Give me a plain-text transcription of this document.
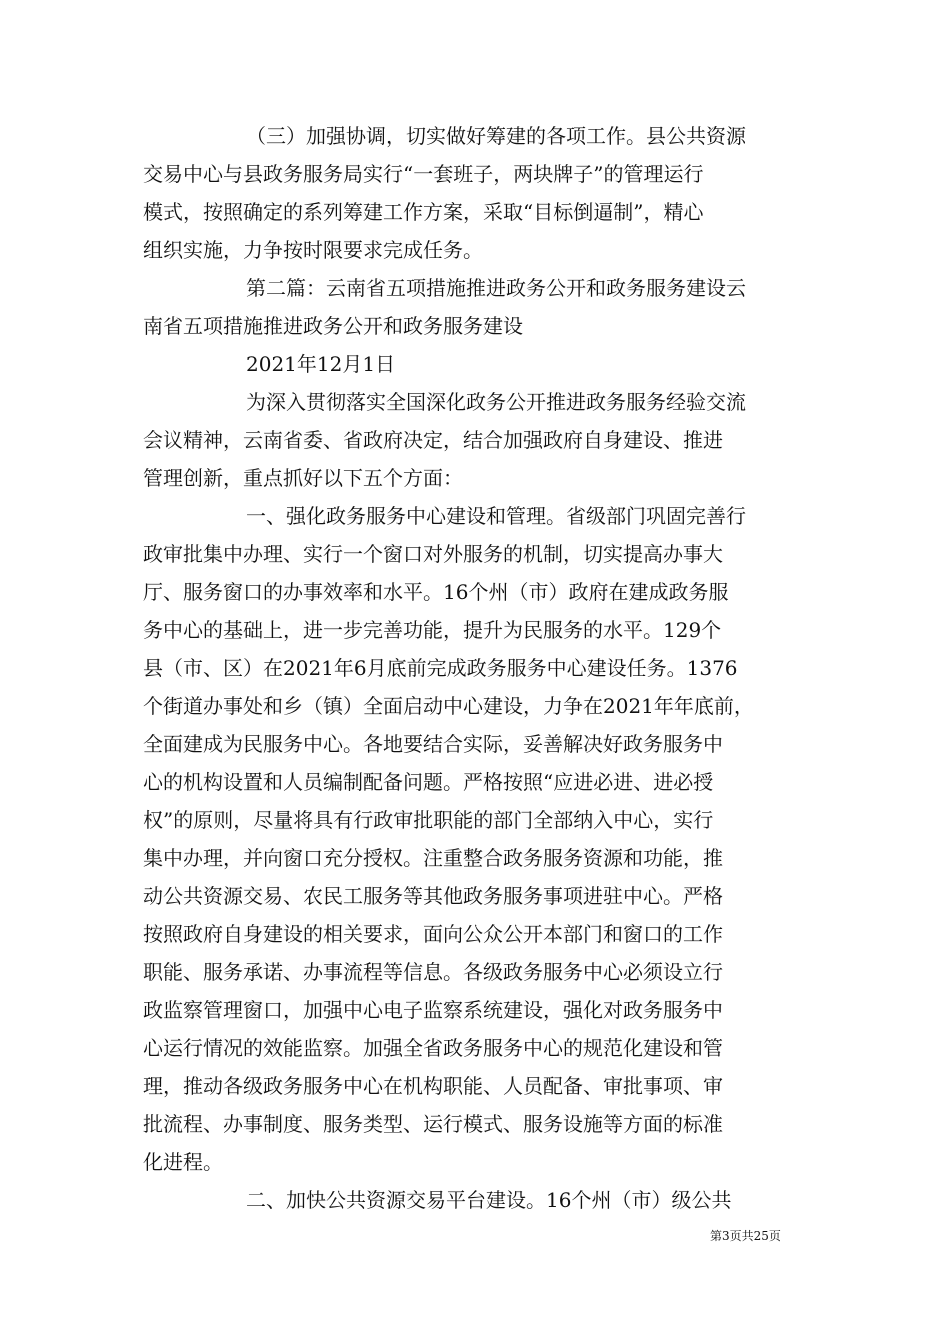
（三）加强协调，切实做好筹建的各项工作。县公共资源
交易中心与县政务服务局实行“一套班子，两块牌子”的管理运行
模式，按照确定的系列筹建工作方案，采取“目标倒逼制”，精心
组织实施，力争按时限要求完成任务。
第二篇：云南省五项措施推进政务公开和政务服务建设云
南省五项措施推进政务公开和政务服务建设
2021年12月1日
为深入贯彻落实全国深化政务公开推进政务服务经验交流
会议精神，云南省委、省政府决定，结合加强政府自身建设、推进
管理创新，重点抓好以下五个方面：
一、强化政务服务中心建设和管理。省级部门巩固完善行
政审批集中办理、实行一个窗口对外服务的机制，切实提高办事大
厅、服务窗口的办事效率和水平。16个州（市）政府在建成政务服
务中心的基础上，进一步完善功能，提升为民服务的水平。129个
县（市、区）在2021年6月底前完成政务服务中心建设任务。1376
个街道办事处和乡（镇）全面启动中心建设，力争在2021年年底前，
全面建成为民服务中心。各地要结合实际，妥善解决好政务服务中
心的机构设置和人员编制配备问题。严格按照“应进必进、进必授
权”的原则，尽量将具有行政审批职能的部门全部纳入中心，实行
集中办理，并向窗口充分授权。注重整合政务服务资源和功能，推
动公共资源交易、农民工服务等其他政务服务事项进驻中心。严格
按照政府自身建设的相关要求，面向公众公开本部门和窗口的工作
职能、服务承诺、办事流程等信息。各级政务服务中心必须设立行
政监察管理窗口，加强中心电子监察系统建设，强化对政务服务中
心运行情况的效能监察。加强全省政务服务中心的规范化建设和管
理，推动各级政务服务中心在机构职能、人员配备、审批事项、审
批流程、办事制度、服务类型、运行模式、服务设施等方面的标准
化进程。
二、加快公共资源交易平台建设。16个州（市）级公共
第3页共25页
